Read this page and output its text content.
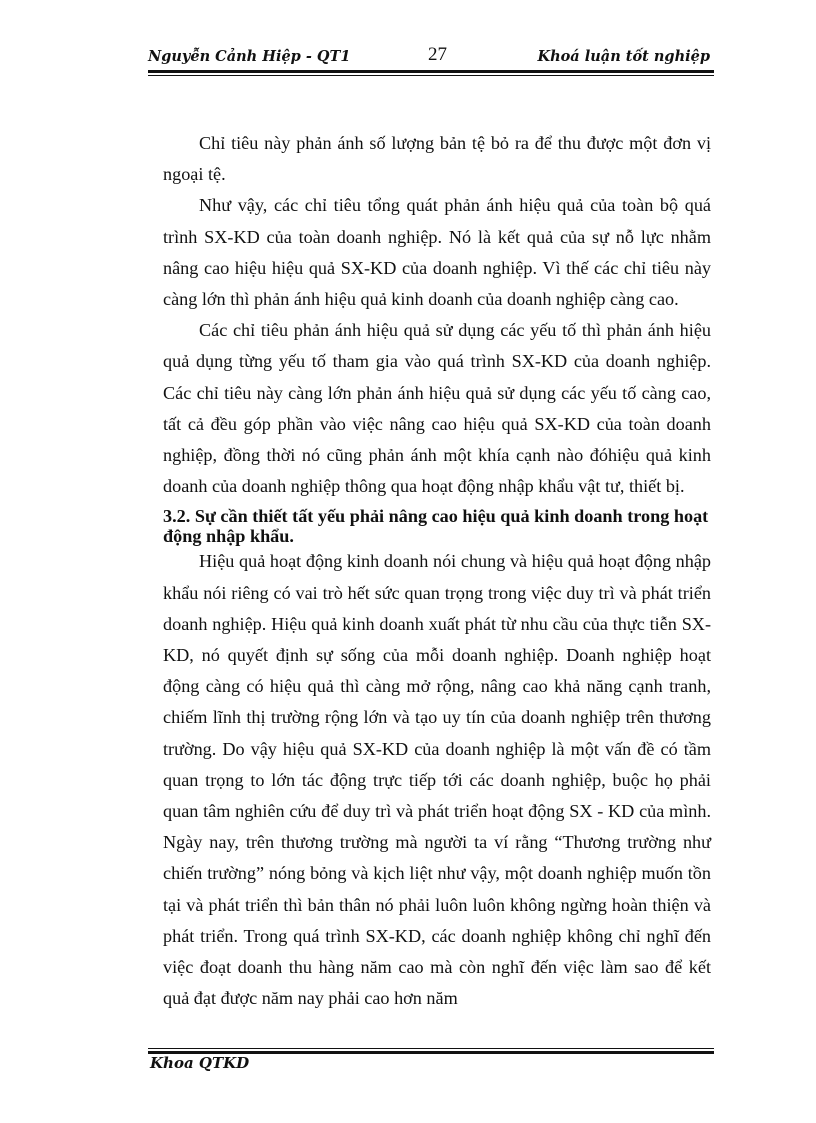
Nguyễn Cảnh Hiệp - QT1	27	Khoá luận tốt nghiệp

Chỉ tiêu này phản ánh số lượng bản tệ bỏ ra để thu được một đơn vị ngoại tệ.

Như vậy, các chỉ tiêu tổng quát phản ánh hiệu quả của toàn bộ quá trình SX-KD của toàn doanh nghiệp. Nó là kết quả của sự nỗ lực nhằm nâng cao hiệu hiệu quả SX-KD của doanh nghiệp. Vì thế các chỉ tiêu này càng lớn thì phản ánh hiệu quả kinh doanh của doanh nghiệp càng cao.

Các chỉ tiêu phản ánh hiệu quả sử dụng các yếu tố thì phản ánh hiệu quả dụng từng yếu tố tham gia vào quá trình SX-KD của doanh nghiệp. Các chỉ tiêu này càng lớn phản ánh hiệu quả sử dụng các yếu tố càng cao, tất cả đều góp phần vào việc nâng cao hiệu quả SX-KD của toàn doanh nghiệp, đồng thời nó cũng phản ánh một khía cạnh nào đóhiệu quả kinh doanh của doanh nghiệp thông qua hoạt động nhập khẩu vật tư, thiết bị.

3.2. Sự cần thiết tất yếu phải nâng cao hiệu quả kinh doanh trong hoạt động nhập khẩu.

Hiệu quả hoạt động kinh doanh nói chung và hiệu quả hoạt động nhập khẩu nói riêng có vai trò hết sức quan trọng trong việc duy trì và phát triển doanh nghiệp. Hiệu quả kinh doanh xuất phát từ nhu cầu của thực tiễn SX-KD, nó quyết định sự sống của mỗi doanh nghiệp. Doanh nghiệp hoạt động càng có hiệu quả thì càng mở rộng, nâng cao khả năng cạnh tranh, chiếm lĩnh thị trường rộng lớn và tạo uy tín của doanh nghiệp trên thương trường. Do vậy hiệu quả SX-KD của doanh nghiệp là một vấn đề có tầm quan trọng to lớn tác động trực tiếp tới các doanh nghiệp, buộc họ phải quan tâm nghiên cứu để duy trì và phát triển hoạt động SX - KD của mình. Ngày nay, trên thương trường mà người ta ví rằng “Thương trường như chiến trường” nóng bỏng và kịch liệt như vậy, một doanh nghiệp muốn tồn tại và phát triển thì bản thân nó phải luôn luôn không ngừng hoàn thiện và phát triển. Trong quá trình SX-KD, các doanh nghiệp không chỉ nghĩ đến việc đoạt doanh thu hàng năm cao mà còn nghĩ đến việc làm sao để kết quả đạt được năm nay phải cao hơn năm

Khoa QTKD
